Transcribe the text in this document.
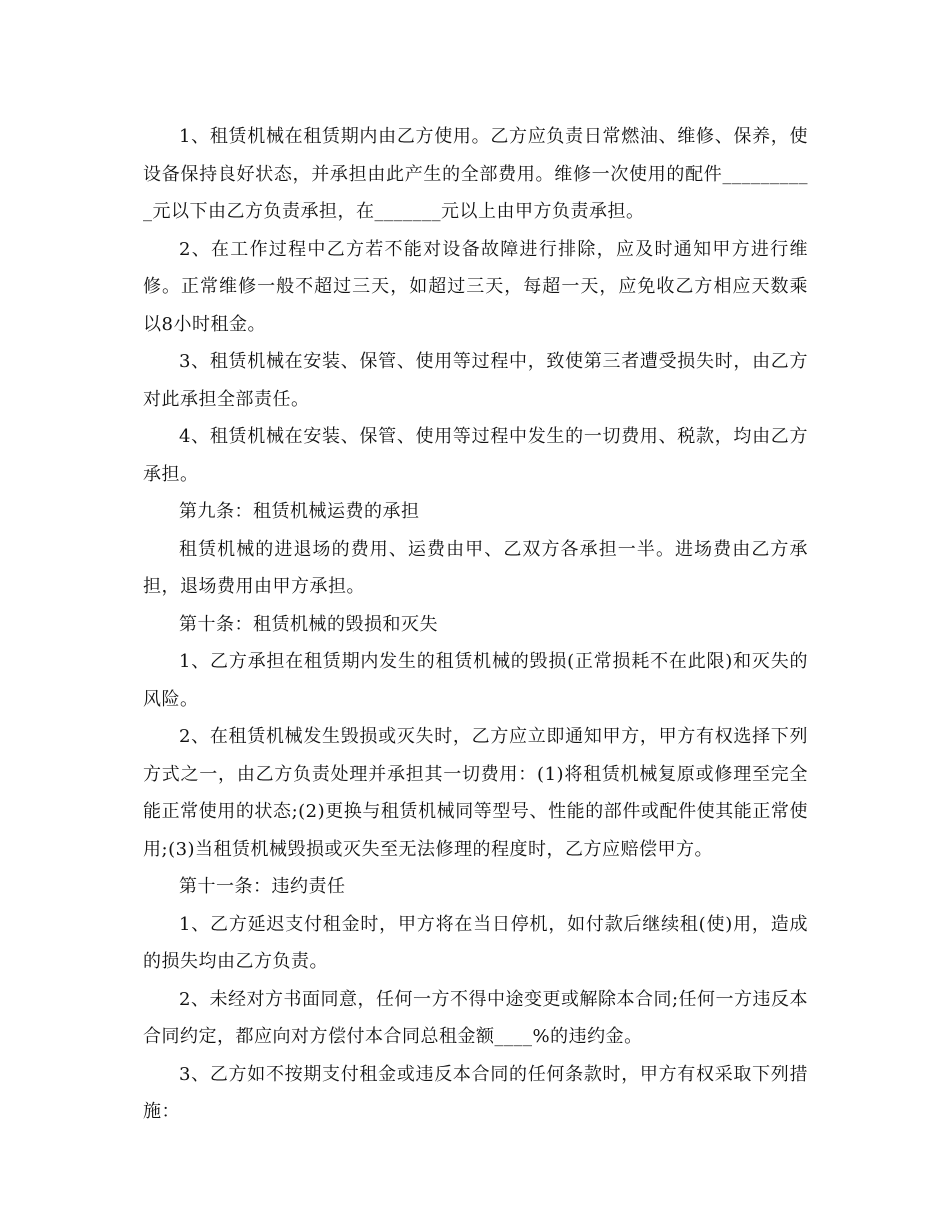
1、租赁机械在租赁期内由乙方使用。乙方应负责日常燃油、维修、保养，使设备保持良好状态，并承担由此产生的全部费用。维修一次使用的配件__________元以下由乙方负责承担，在_______元以上由甲方负责承担。

2、在工作过程中乙方若不能对设备故障进行排除，应及时通知甲方进行维修。正常维修一般不超过三天，如超过三天，每超一天，应免收乙方相应天数乘以8小时租金。

3、租赁机械在安装、保管、使用等过程中，致使第三者遭受损失时，由乙方对此承担全部责任。

4、租赁机械在安装、保管、使用等过程中发生的一切费用、税款，均由乙方承担。

第九条：租赁机械运费的承担

租赁机械的进退场的费用、运费由甲、乙双方各承担一半。进场费由乙方承担，退场费用由甲方承担。

第十条：租赁机械的毁损和灭失

1、乙方承担在租赁期内发生的租赁机械的毁损(正常损耗不在此限)和灭失的风险。

2、在租赁机械发生毁损或灭失时，乙方应立即通知甲方，甲方有权选择下列方式之一，由乙方负责处理并承担其一切费用：(1)将租赁机械复原或修理至完全能正常使用的状态;(2)更换与租赁机械同等型号、性能的部件或配件使其能正常使用;(3)当租赁机械毁损或灭失至无法修理的程度时，乙方应赔偿甲方。

第十一条：违约责任

1、乙方延迟支付租金时，甲方将在当日停机，如付款后继续租(使)用，造成的损失均由乙方负责。

2、未经对方书面同意，任何一方不得中途变更或解除本合同;任何一方违反本合同约定，都应向对方偿付本合同总租金额____%的违约金。

3、乙方如不按期支付租金或违反本合同的任何条款时，甲方有权采取下列措施：
